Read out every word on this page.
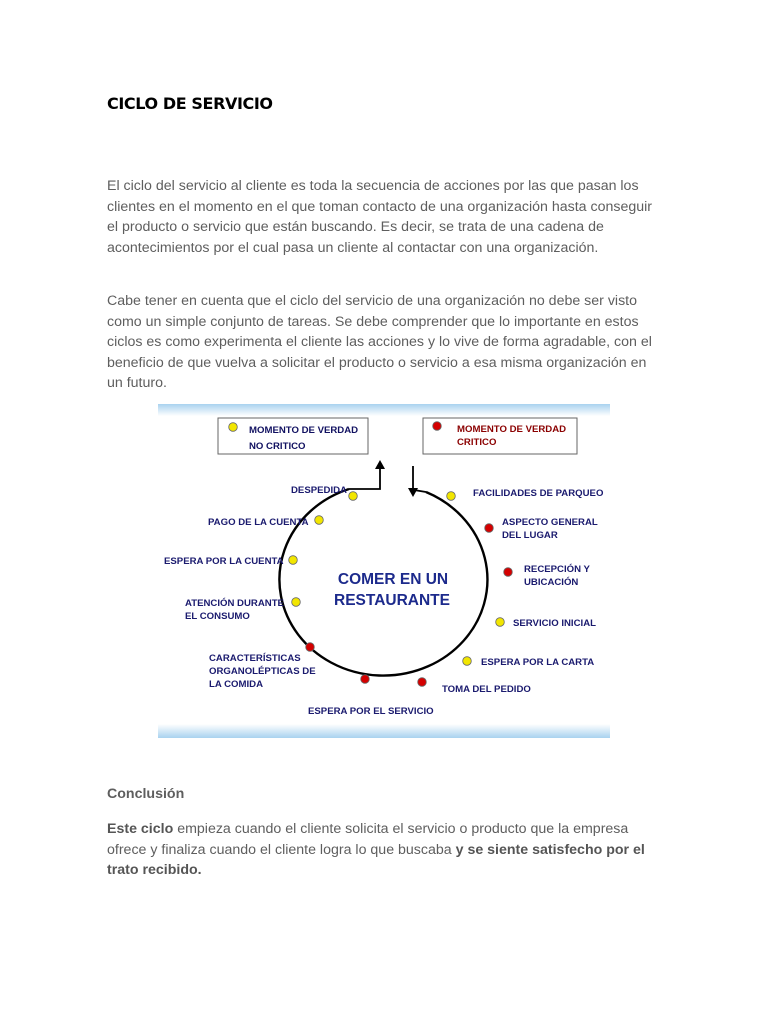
CICLO DE SERVICIO

El ciclo del servicio al cliente es toda la secuencia de acciones por las que pasan los clientes en el momento en el que toman contacto de una organización hasta conseguir el producto o servicio que están buscando. Es decir, se trata de una cadena de acontecimientos por el cual pasa un cliente al contactar con una organización.

Cabe tener en cuenta que el ciclo del servicio de una organización no debe ser visto como un simple conjunto de tareas. Se debe comprender que lo importante en estos ciclos es como experimenta el cliente las acciones y lo vive de forma agradable, con el beneficio de que vuelva a solicitar el producto o servicio a esa misma organización en un futuro.

MOMENTO DE VERDAD
NO CRITICO
MOMENTO DE VERDAD
CRITICO
COMER EN UN
RESTAURANTE
FACILIDADES DE PARQUEO
ASPECTO GENERAL
DEL LUGAR
RECEPCIÓN Y
UBICACIÓN
SERVICIO INICIAL
ESPERA POR LA CARTA
TOMA DEL PEDIDO
ESPERA POR EL SERVICIO
CARACTERÍSTICAS
ORGANOLÉPTICAS DE
LA COMIDA
ATENCIÓN DURANTE
EL CONSUMO
ESPERA POR LA CUENTA
PAGO DE LA CUENTA
DESPEDIDA
Conclusión

Este ciclo empieza cuando el cliente solicita el servicio o producto que la empresa ofrece y finaliza cuando el cliente logra lo que buscaba y se siente satisfecho por el trato recibido.
